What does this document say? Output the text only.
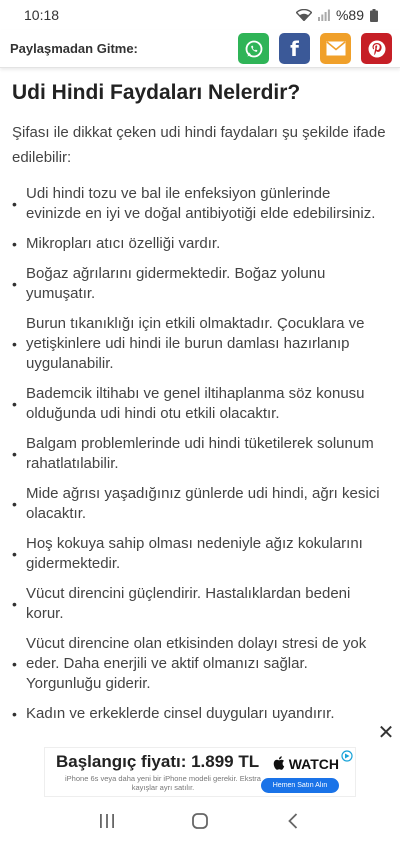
10:18	%89
Paylaşmadan Gitme:	f
Udi Hindi Faydaları Nelerdir?

Şifası ile dikkat çeken udi hindi faydaları şu şekilde ifade edilebilir:

•
Udi hindi tozu ve bal ile enfeksiyon günlerinde evinizde en iyi ve doğal antibiyotiği elde edebilirsiniz.
• Mikropları atıcı özelliği vardır.
•
Boğaz ağrılarını gidermektedir. Boğaz yolunu yumuşatır.
•
Burun tıkanıklığı için etkili olmaktadır. Çocuklara ve yetişkinlere udi hindi ile burun damlası hazırlanıp uygulanabilir.
•
Bademcik iltihabı ve genel iltihaplanma söz konusu olduğunda udi hindi otu etkili olacaktır.
•
Balgam problemlerinde udi hindi tüketilerek solunum rahatlatılabilir.
•
Mide ağrısı yaşadığınız günlerde udi hindi, ağrı kesici olacaktır.
•
Hoş kokuya sahip olması nedeniyle ağız kokularını gidermektedir.
•
Vücut direncini güçlendirir. Hastalıklardan bedeni korur.
•
Vücut direncine olan etkisinden dolayı stresi de yok eder. Daha enerjili ve aktif olmanızı sağlar. Yorgunluğu giderir.
• Kadın ve erkeklerde cinsel duyguları uyandırır.
✕
Başlangıç fiyatı: 1.899 TL
iPhone 6s veya daha yeni bir iPhone modeli gerekir. Ekstra kayışlar ayrı satılır.
WATCH
Hemen Satın Alın
